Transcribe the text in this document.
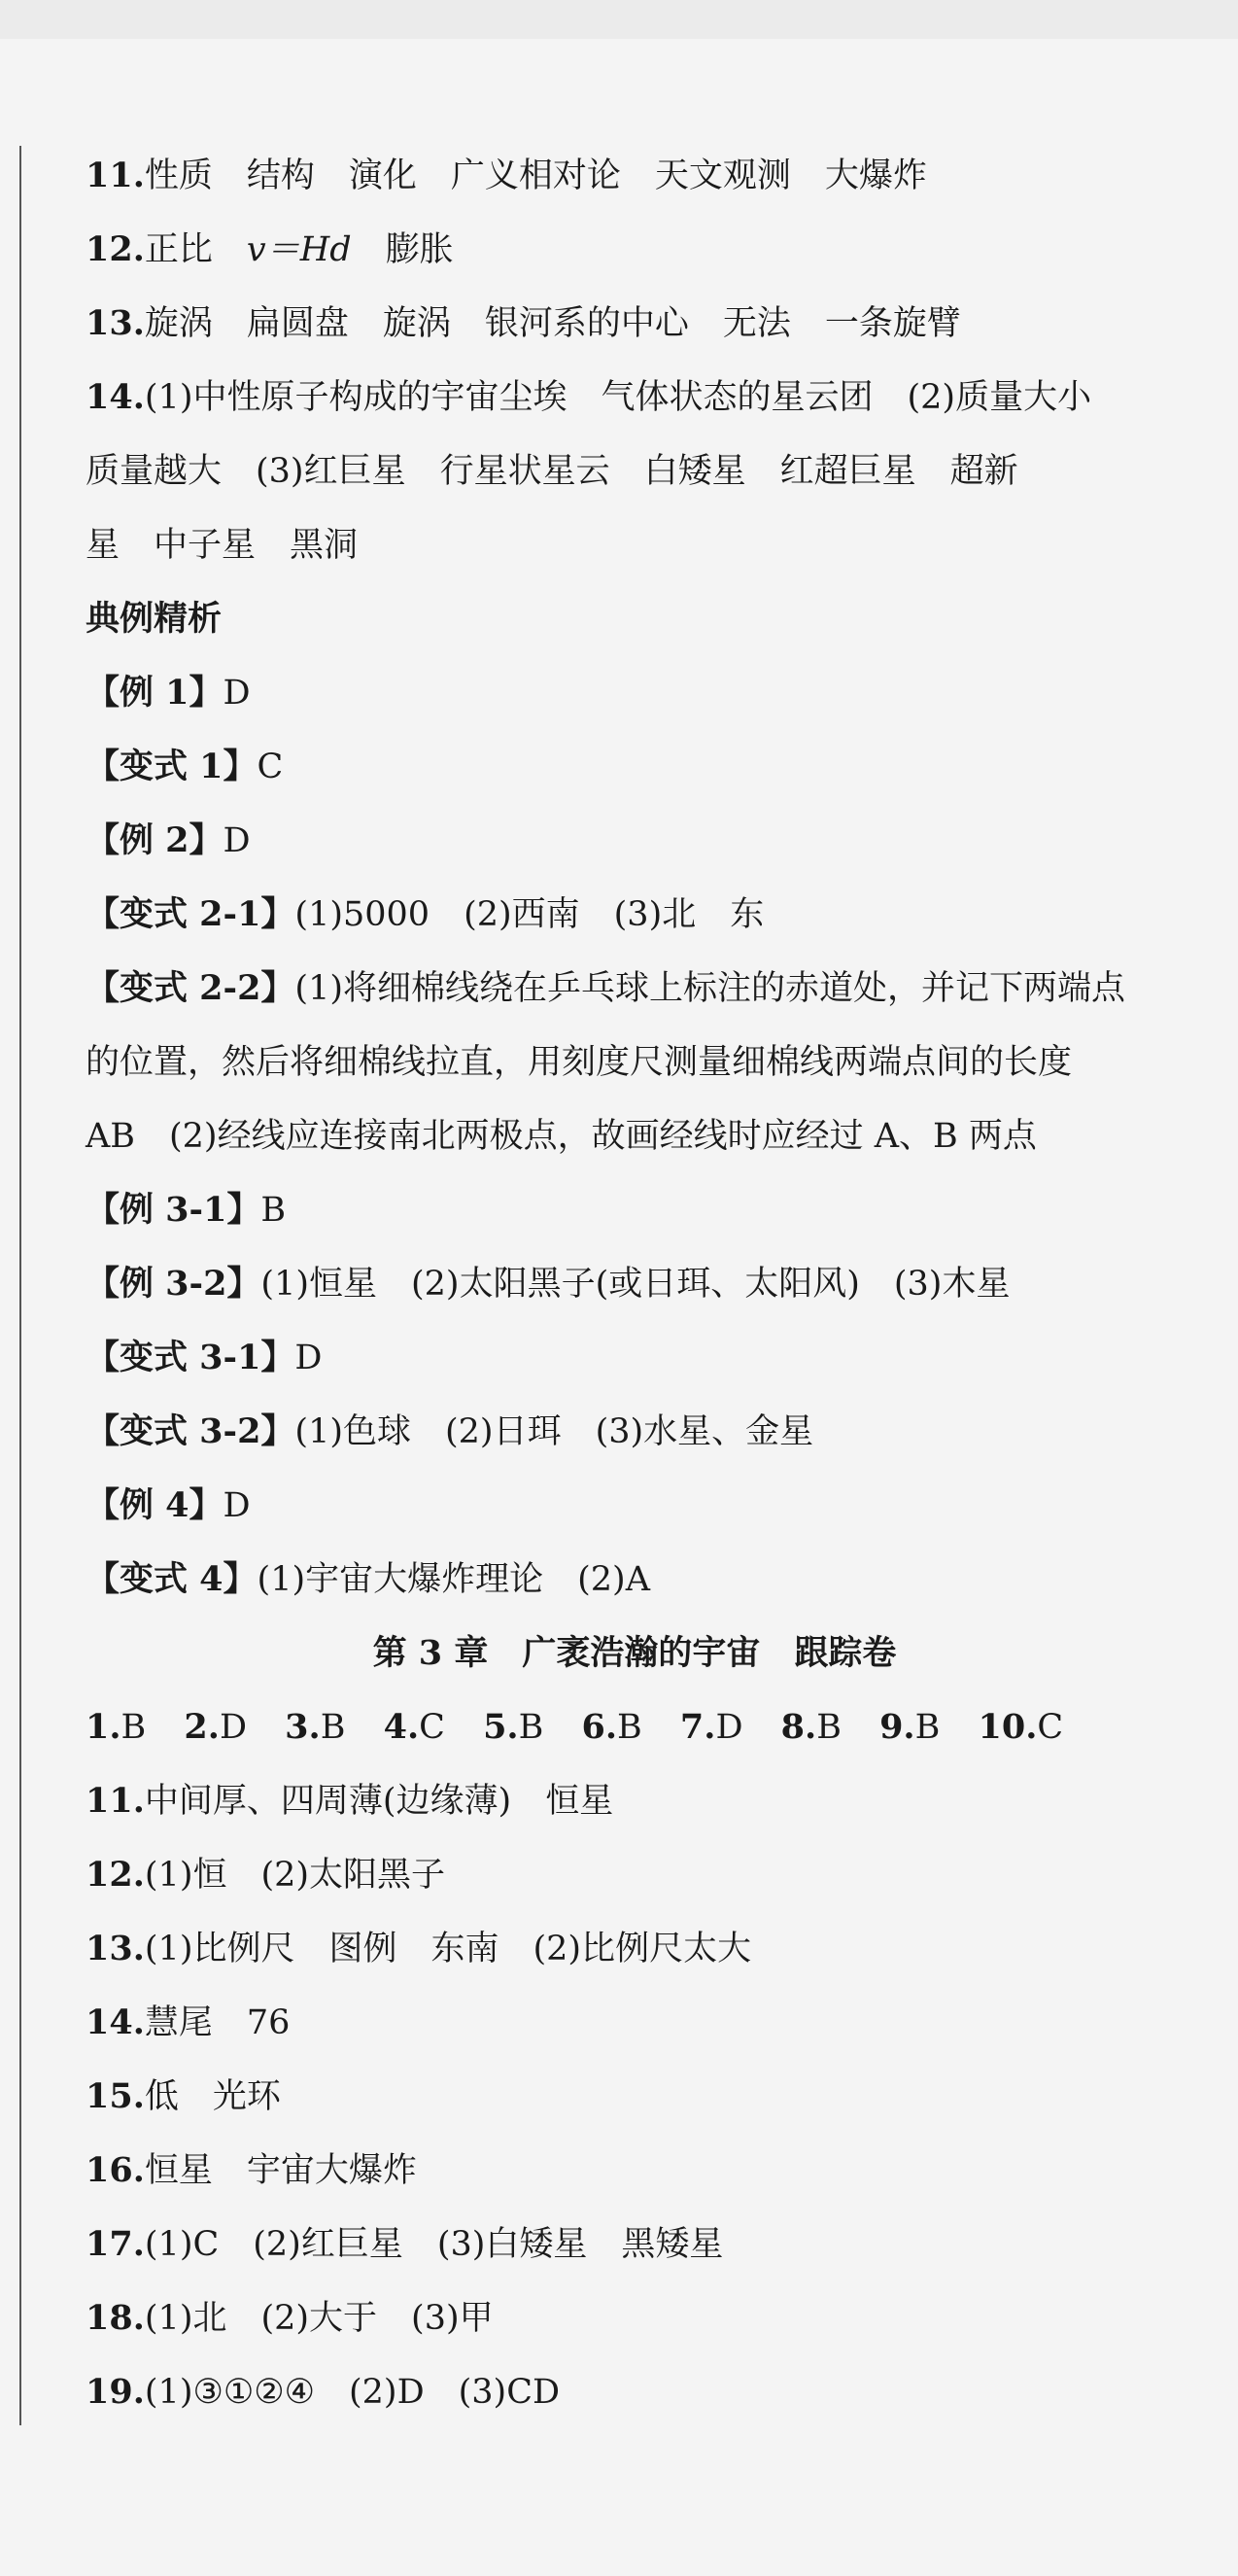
11.性质　结构　演化　广义相对论　天文观测　大爆炸
12.正比　v＝Hd　膨胀
13.旋涡　扁圆盘　旋涡　银河系的中心　无法　一条旋臂
14.(1)中性原子构成的宇宙尘埃　气体状态的星云团　(2)质量大小
质量越大　(3)红巨星　行星状星云　白矮星　红超巨星　超新
星　中子星　黑洞
典例精析
【例 1】D
【变式 1】C
【例 2】D
【变式 2-1】(1)5000　(2)西南　(3)北　东
【变式 2-2】(1)将细棉线绕在乒乓球上标注的赤道处，并记下两端点
的位置，然后将细棉线拉直，用刻度尺测量细棉线两端点间的长度
AB　(2)经线应连接南北两极点，故画经线时应经过 A、B 两点
【例 3-1】B
【例 3-2】(1)恒星　(2)太阳黑子(或日珥、太阳风)　(3)木星
【变式 3-1】D
【变式 3-2】(1)色球　(2)日珥　(3)水星、金星
【例 4】D
【变式 4】(1)宇宙大爆炸理论　(2)A
第 3 章　广袤浩瀚的宇宙　跟踪卷
1.B 2.D 3.B 4.C 5.B 6.B 7.D 8.B 9.B 10.C
11.中间厚、四周薄(边缘薄)　恒星
12.(1)恒　(2)太阳黑子
13.(1)比例尺　图例　东南　(2)比例尺太大
14.慧尾　76
15.低　光环
16.恒星　宇宙大爆炸
17.(1)C　(2)红巨星　(3)白矮星　黑矮星
18.(1)北　(2)大于　(3)甲
19.(1)③①②④　(2)D　(3)CD
